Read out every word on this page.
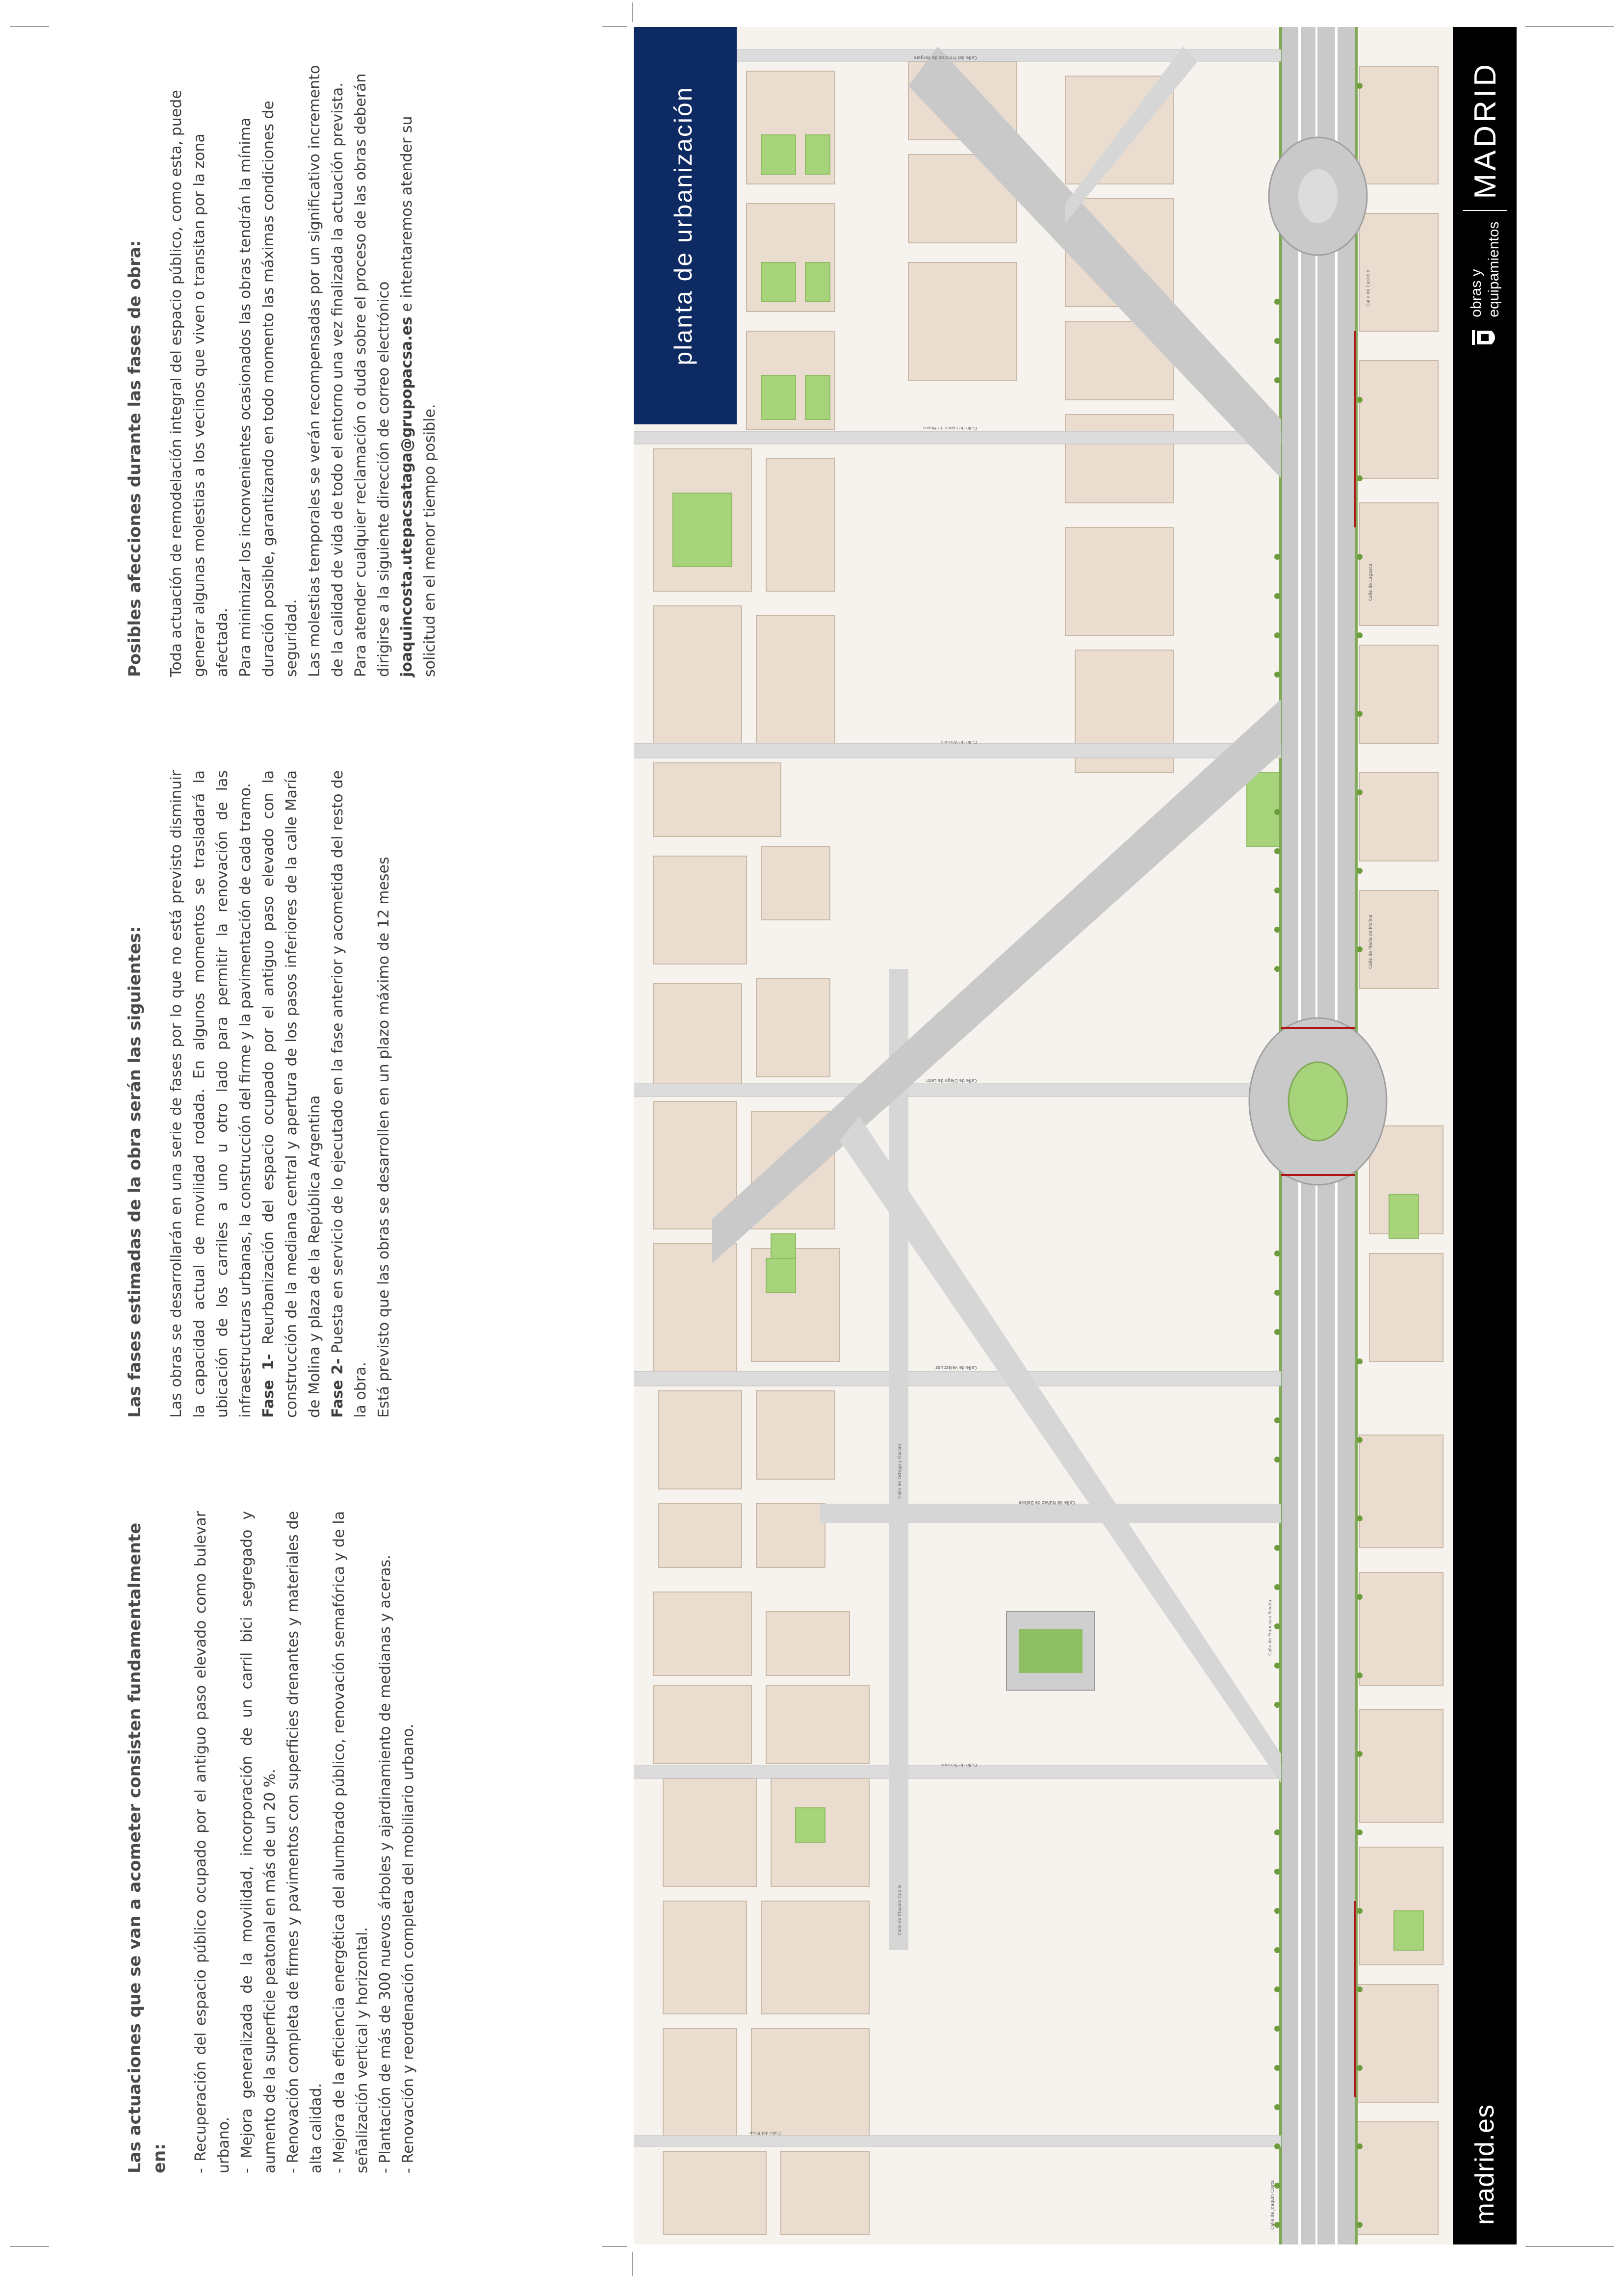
Las actuaciones que se van a acometer consisten fundamentalmente en: - Recuperación del espacio público ocupado por el antiguo paso elevado como bulevar urbano. - Mejora generalizada de la movilidad, incorporación de un carril bici segregado y aumento de la superficie peatonal en más de un 20 %. - Renovación completa de firmes y pavimentos con superficies drenantes y materiales de alta calidad. - Mejora de la eficiencia energética del alumbrado público, renovación semafórica y de la señalización vertical y horizontal. - Plantación de más de 300 nuevos árboles y ajardinamiento de medianas y aceras. - Renovación y reordenación completa del mobiliario urbano.
Las fases estimadas de la obra serán las siguientes: Las obras se desarrollarán en una serie de fases por lo que no está previsto disminuir la capacidad actual de movilidad rodada. En algunos momentos se trasladará la ubicación de los carriles a uno u otro lado para permitir la renovación de las infraestructuras urbanas, la construcción del firme y la pavimentación de cada tramo. Fase 1- Reurbanización del espacio ocupado por el antiguo paso elevado con la construcción de la mediana central y apertura de los pasos inferiores de la calle María de Molina y plaza de la República Argentina Fase 2- Puesta en servicio de lo ejecutado en la fase anterior y acometida del resto de la obra. Está previsto que las obras se desarrollen en un plazo máximo de 12 meses

Posibles afecciones durante las fases de obra: Toda actuación de remodelación integral del espacio público, como esta, puede generar algunas molestias a los vecinos que viven o transitan por la zona afectada. Para minimizar los inconvenientes ocasionados las obras tendrán la mínima duración posible, garantizando en todo momento las máximas condiciones de seguridad. Las molestias temporales se verán recompensadas por un significativo incremento de la calidad de vida de todo el entorno una vez finalizada la actuación prevista. Para atender cualquier reclamación o duda sobre el proceso de las obras deberán dirigirse a la siguiente dirección de correo electrónico joaquincosta.utepacsataga@grupopacsa.es e intentaremos atender su solicitud en el menor tiempo posible.

Calle de Joaquín Costa
Calle del Pinar
Calle de Serrano
Calle de Velázquez
Calle de María de Molina
Calle de Diego de León
Calle de Vitruvio
Calle de López de Hoyos
Calle del Príncipe de Vergara
Calle de Francisco Silvela
Calle de Castelló
Calle de Claudio Coello
Calle de Ortega y Gasset
Calle de Núñez de Balboa
Calle de Lagasca
planta de urbanización
madrid.es
obras y equipamientos
MADRID
